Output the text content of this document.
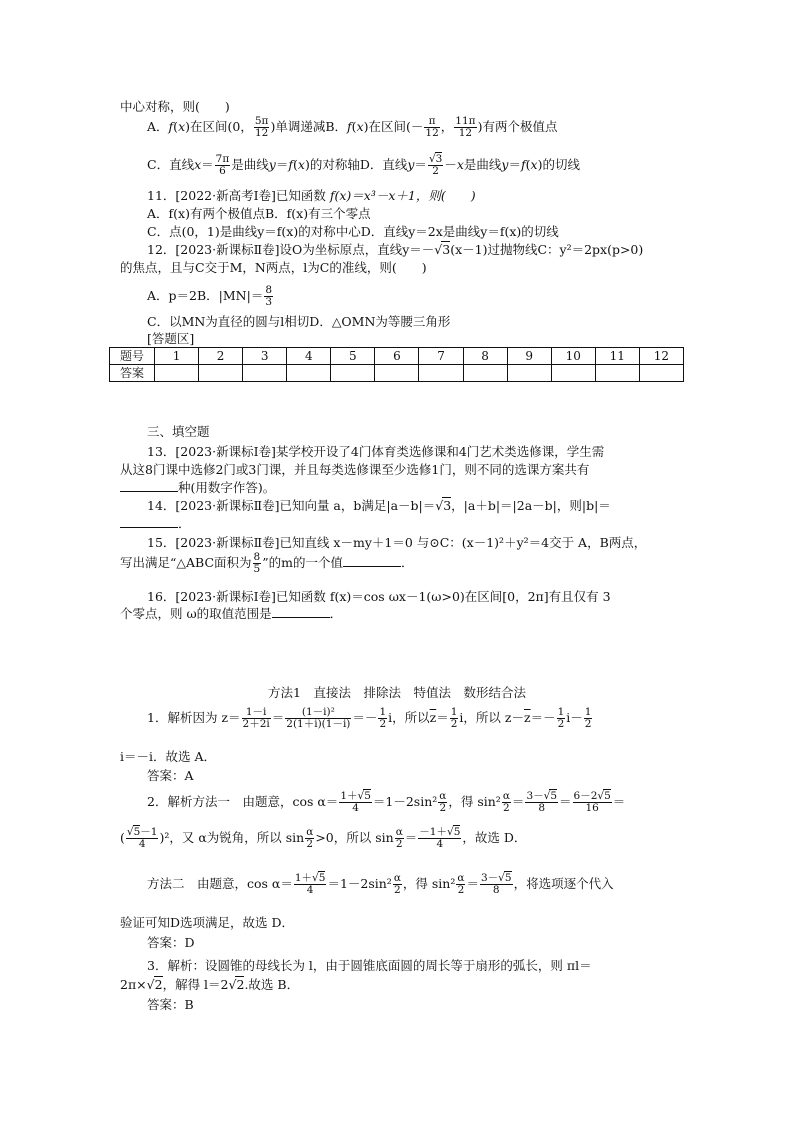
中心对称，则(　　)
A．f(x)在区间(0， $\frac{5\pi}{12}$ )单调递减B．f(x)在区间(－ $\frac{\pi}{12}$ ， $\frac{11\pi}{12}$ )有两个极值点
C．直线$x= \frac{7\pi}{6}$ 是曲线y＝f(x)的对称轴D．直线$y= \frac{√3}{2} -x$是曲线y＝f(x)的切线
11．[2022·新高考Ⅰ卷]已知函数 f(x)＝x³－x＋1，则(　　)
A．f(x)有两个极值点B．f(x)有三个零点
C．点(0，1)是曲线y＝f(x)的对称中心D．直线y＝2x是曲线y＝f(x)的切线
12．[2023·新课标Ⅱ卷]设O为坐标原点，直线y＝－√3(x－1)过抛物线C：y²＝2px(p>0)
的焦点，且与C交于M，N两点，l为C的准线，则(　　)
A．p＝2B．$|MN|= \frac{8}{3}$
C．以MN为直径的圆与l相切D．△OMN为等腰三角形
[答题区]
题号	1	2	3	4	5	6	7	8	9	10	11	12
答案												
三、填空题
13．[2023·新课标Ⅰ卷]某学校开设了4门体育类选修课和4门艺术类选修课，学生需
从这8门课中选修2门或3门课，并且每类选修课至少选修1门，则不同的选课方案共有
种(用数字作答)。
14．[2023·新课标Ⅱ卷]已知向量 a，b满足|a－b|＝√3，|a＋b|＝|2a－b|，则|b|＝
．
15．[2023·新课标Ⅱ卷]已知直线 x－my＋1＝0 与⊙C：(x－1)²＋y²＝4交于 A，B两点，
写出满足“△ABC面积为 $\frac{8}{5}$ ”的m的一个值	．
16．[2023·新课标Ⅰ卷]已知函数 f(x)＝cos ωx－1(ω>0)在区间[0，2π]有且仅有 3
个零点，则 ω的取值范围是	．
方法1　直接法　排除法　特值法　数形结合法
1．解析因为 $z= \frac{1-i}{2+2i} = \frac{\text{(1－i)²}}{2(1+i)(1-i)} =- \frac{1}{2}$ i，所以$\overline{z}= \frac{1}{2}$ i，所以 $z-\overline{z}=- \frac{1}{2} i- \frac{1}{2}$
i＝－i．故选 A．
答案：A
2．解析方法一　由题意，$\cos \alpha= \frac{1+√5}{4} =1-2\sin^2 \frac{\alpha}{2}$ ，得 $\sin^2 \frac{\alpha}{2} = \frac{3-√5}{8} = \frac{6-2√5}{16}$ ＝
( $\frac{√5-1}{4} )^2$，又 α为锐角，所以 $\sin \frac{\alpha}{2} >0$，所以 $\sin \frac{\alpha}{2} = \frac{-1+√5}{4}$ ，故选 D．
方法二　由题意，$\cos \alpha= \frac{1+√5}{4} =1-2\sin^2 \frac{\alpha}{2}$ ，得 $\sin^2 \frac{\alpha}{2} = \frac{3-√5}{8}$ ，将选项逐个代入
验证可知D选项满足，故选 D．
答案：D
3．解析：设圆锥的母线长为 l，由于圆锥底面圆的周长等于扇形的弧长，则 πl＝
2π×√2，解得 l＝2√2.故选 B．
答案：B
